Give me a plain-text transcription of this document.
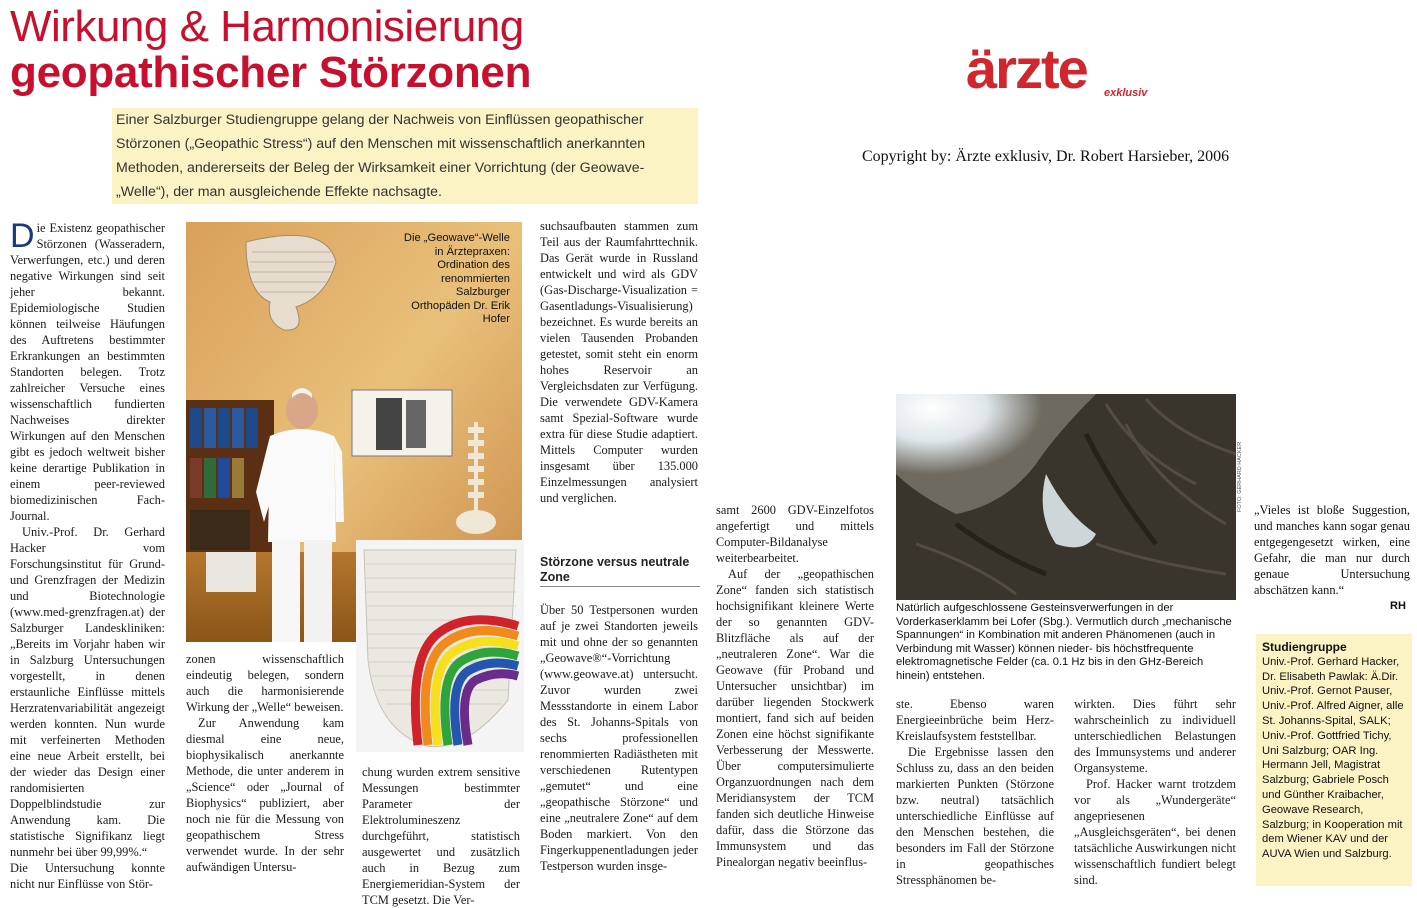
Wirkung & Harmonisierung
geopathischer Störzonen
Einer Salzburger Studiengruppe gelang der Nachweis von Einflüssen geopathischer Störzonen („Geopathic Stress“) auf den Menschen mit wissenschaftlich anerkannten Methoden, andererseits der Beleg der Wirksamkeit einer Vorrichtung (der Geowave-„Welle“), der man ausgleichende Effekte nachsagte.
ärzte exklusiv
Copyright by: Ärzte exklusiv, Dr. Robert Harsieber, 2006

Die Existenz geopathischer Störzonen (Wasseradern, Verwerfungen, etc.) und deren negative Wirkungen sind seit jeher bekannt. Epidemiologische Studien können teilweise Häufungen des Auftretens bestimmter Erkrankungen an bestimmten Standorten belegen. Trotz zahlreicher Versuche eines wissenschaftlich fundierten Nachweises direkter Wirkungen auf den Menschen gibt es jedoch weltweit bisher keine derartige Publikation in einem peer-reviewed biomedizinischen Fach-Journal.

Univ.-Prof. Dr. Gerhard Hacker vom Forschungsinstitut für Grund- und Grenzfragen der Medizin und Biotechnologie (www.med-grenzfragen.at) der Salzburger Landeskliniken: „Bereits im Vorjahr haben wir in Salzburg Untersuchungen vorgestellt, in denen erstaunliche Einflüsse mittels Herzratenvariabilität angezeigt werden konnten. Nun wurde mit verfeinerten Methoden eine neue Arbeit erstellt, bei der wieder das Design einer randomisierten Doppelblindstudie zur Anwendung kam. Die statistische Signifikanz liegt nunmehr bei über 99,99%.“

Die Untersuchung konnte nicht nur Einflüsse von Stör-

Die „Geowave“-Welle in Ärztepraxen: Ordination des renommierten Salzburger Orthopäden Dr. Erik Hofer

zonen wissenschaftlich eindeutig belegen, sondern auch die harmonisierende Wirkung der „Welle“ beweisen.

Zur Anwendung kam diesmal eine neue, biophysikalisch anerkannte Methode, die unter anderem in „Science“ oder „Journal of Biophysics“ publiziert, aber noch nie für die Messung von geopathischem Stress verwendet wurde. In der sehr aufwändigen Untersu-

chung wurden extrem sensitive Messungen bestimmter Parameter der Elektrolumineszenz durchgeführt, statistisch ausgewertet und zusätzlich auch in Bezug zum Energiemeridian-System der TCM gesetzt. Die Ver-

suchsaufbauten stammen zum Teil aus der Raumfahrttechnik. Das Gerät wurde in Russland entwickelt und wird als GDV (Gas-Discharge-Visualization = Gasentladungs-Visualisierung) bezeichnet. Es wurde bereits an vielen Tausenden Probanden getestet, somit steht ein enorm hohes Reservoir an Vergleichsdaten zur Verfügung. Die verwendete GDV-Kamera samt Spezial-Software wurde extra für diese Studie adaptiert. Mittels Computer wurden insgesamt über 135.000 Einzelmessungen analysiert und verglichen.

Störzone versus neutrale Zone

Über 50 Testpersonen wurden auf je zwei Standorten jeweils mit und ohne der so genannten „Geowave®“-Vorrichtung (www.geowave.at) untersucht. Zuvor wurden zwei Messstandorte in einem Labor des St. Johanns-Spitals von sechs professionellen renommierten Radiästheten mit verschiedenen Rutentypen „gemutet“ und eine „geopathische Störzone“ und eine „neutralere Zone“ auf dem Boden markiert. Von den Fingerkuppenentladungen jeder Testperson wurden insge-

samt 2600 GDV-Einzelfotos angefertigt und mittels Computer-Bildanalyse weiterbearbeitet.

Auf der „geopathischen Zone“ fanden sich statistisch hochsignifikant kleinere Werte der so genannten GDV-Blitzfläche als auf der „neutraleren Zone“. War die Geowave (für Proband und Untersucher unsichtbar) im darüber liegenden Stockwerk montiert, fand sich auf beiden Zonen eine höchst signifikante Verbesserung der Messwerte. Über computersimulierte Organzuordnungen nach dem Meridiansystem der TCM fanden sich deutliche Hinweise dafür, dass die Störzone das Immunsystem und das Pinealorgan negativ beeinflus-

FOTO: GERHARD HACKER
Natürlich aufgeschlossene Gesteinsverwerfungen in der Vorderkaserklamm bei Lofer (Sbg.). Vermutlich durch „mechanische Spannungen“ in Kombination mit anderen Phänomenen (auch in Verbindung mit Wasser) können nieder- bis höchstfrequente elektromagnetische Felder (ca. 0.1 Hz bis in den GHz-Bereich hinein) entstehen.

ste. Ebenso waren Energieeinbrüche beim Herz-Kreislaufsystem feststellbar.

Die Ergebnisse lassen den Schluss zu, dass an den beiden markierten Punkten (Störzone bzw. neutral) tatsächlich unterschiedliche Einflüsse auf den Menschen bestehen, die besonders im Fall der Störzone in geopathisches Stressphänomen be-

wirkten. Dies führt sehr wahrscheinlich zu individuell unterschiedlichen Belastungen des Immunsystems und anderer Organsysteme.

Prof. Hacker warnt trotzdem vor als „Wundergeräte“ angepriesenen „Ausgleichsgeräten“, bei denen tatsächliche Auswirkungen nicht wissenschaftlich fundiert belegt sind.

„Vieles ist bloße Suggestion, und manches kann sogar genau entgegengesetzt wirken, eine Gefahr, die man nur durch genaue Untersuchung abschätzen kann.“
RH
Studiengruppe
Univ.-Prof. Gerhard Hacker, Dr. Elisabeth Pawlak: Ä.Dir. Univ.-Prof. Gernot Pauser, Univ.-Prof. Alfred Aigner, alle St. Johanns-Spital, SALK; Univ.-Prof. Gottfried Tichy, Uni Salzburg; OAR Ing. Hermann Jell, Magistrat Salzburg; Gabriele Posch und Günther Kraibacher, Geowave Research, Salzburg; in Kooperation mit dem Wiener KAV und der AUVA Wien und Salzburg.
